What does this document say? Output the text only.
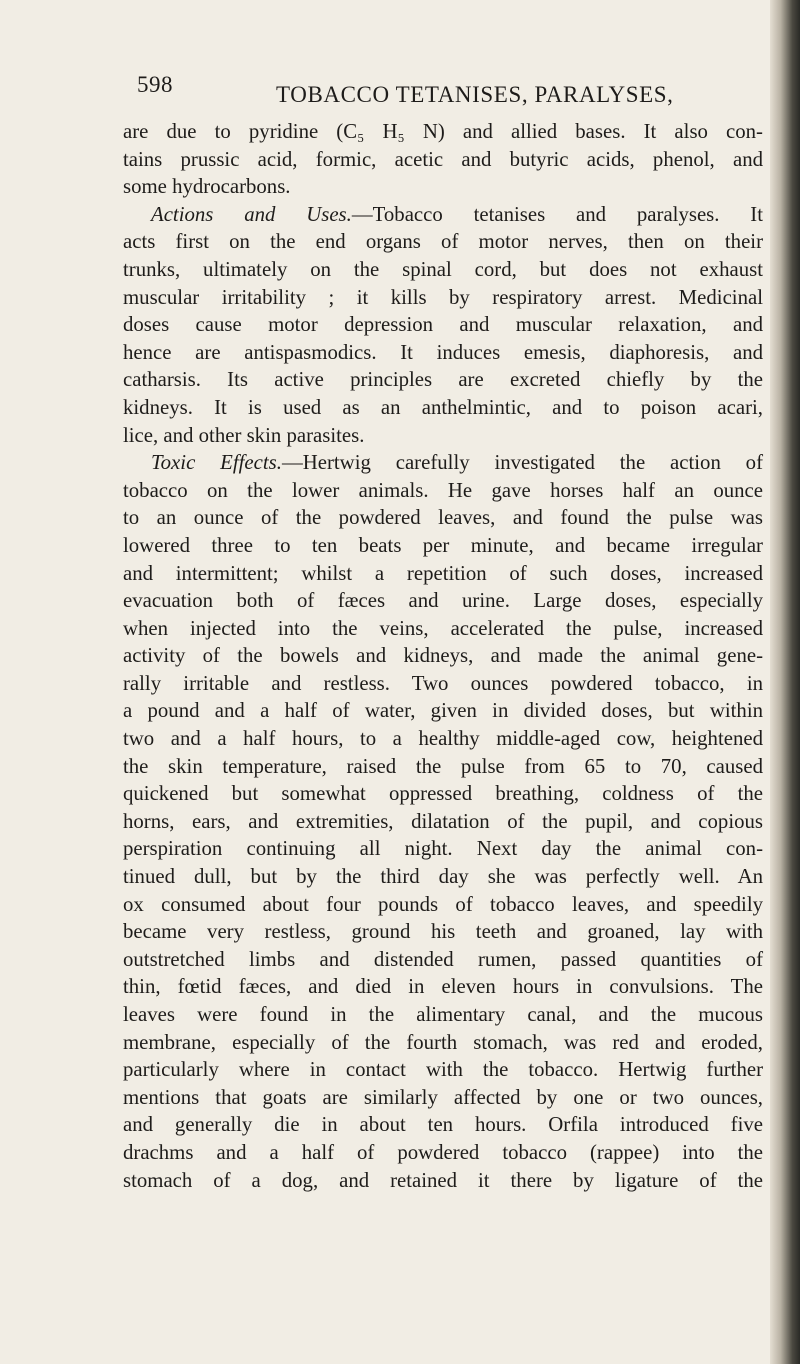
598	TOBACCO TETANISES, PARALYSES,
are due to pyridine (C₅ H₅ N) and allied bases. It also con-
tains prussic acid, formic, acetic and butyric acids, phenol, and
some hydrocarbons.
Actions and Uses.—Tobacco tetanises and paralyses. It
acts first on the end organs of motor nerves, then on their
trunks, ultimately on the spinal cord, but does not exhaust
muscular irritability ; it kills by respiratory arrest. Medicinal
doses cause motor depression and muscular relaxation, and
hence are antispasmodics. It induces emesis, diaphoresis, and
catharsis. Its active principles are excreted chiefly by the
kidneys. It is used as an anthelmintic, and to poison acari,
lice, and other skin parasites.
Toxic Effects.—Hertwig carefully investigated the action of
tobacco on the lower animals. He gave horses half an ounce
to an ounce of the powdered leaves, and found the pulse was
lowered three to ten beats per minute, and became irregular
and intermittent; whilst a repetition of such doses, increased
evacuation both of fæces and urine. Large doses, especially
when injected into the veins, accelerated the pulse, increased
activity of the bowels and kidneys, and made the animal gene-
rally irritable and restless. Two ounces powdered tobacco, in
a pound and a half of water, given in divided doses, but within
two and a half hours, to a healthy middle-aged cow, heightened
the skin temperature, raised the pulse from 65 to 70, caused
quickened but somewhat oppressed breathing, coldness of the
horns, ears, and extremities, dilatation of the pupil, and copious
perspiration continuing all night. Next day the animal con-
tinued dull, but by the third day she was perfectly well. An
ox consumed about four pounds of tobacco leaves, and speedily
became very restless, ground his teeth and groaned, lay with
outstretched limbs and distended rumen, passed quantities of
thin, fœtid fæces, and died in eleven hours in convulsions. The
leaves were found in the alimentary canal, and the mucous
membrane, especially of the fourth stomach, was red and eroded,
particularly where in contact with the tobacco. Hertwig further
mentions that goats are similarly affected by one or two ounces,
and generally die in about ten hours. Orfila introduced five
drachms and a half of powdered tobacco (rappee) into the
stomach of a dog, and retained it there by ligature of the
